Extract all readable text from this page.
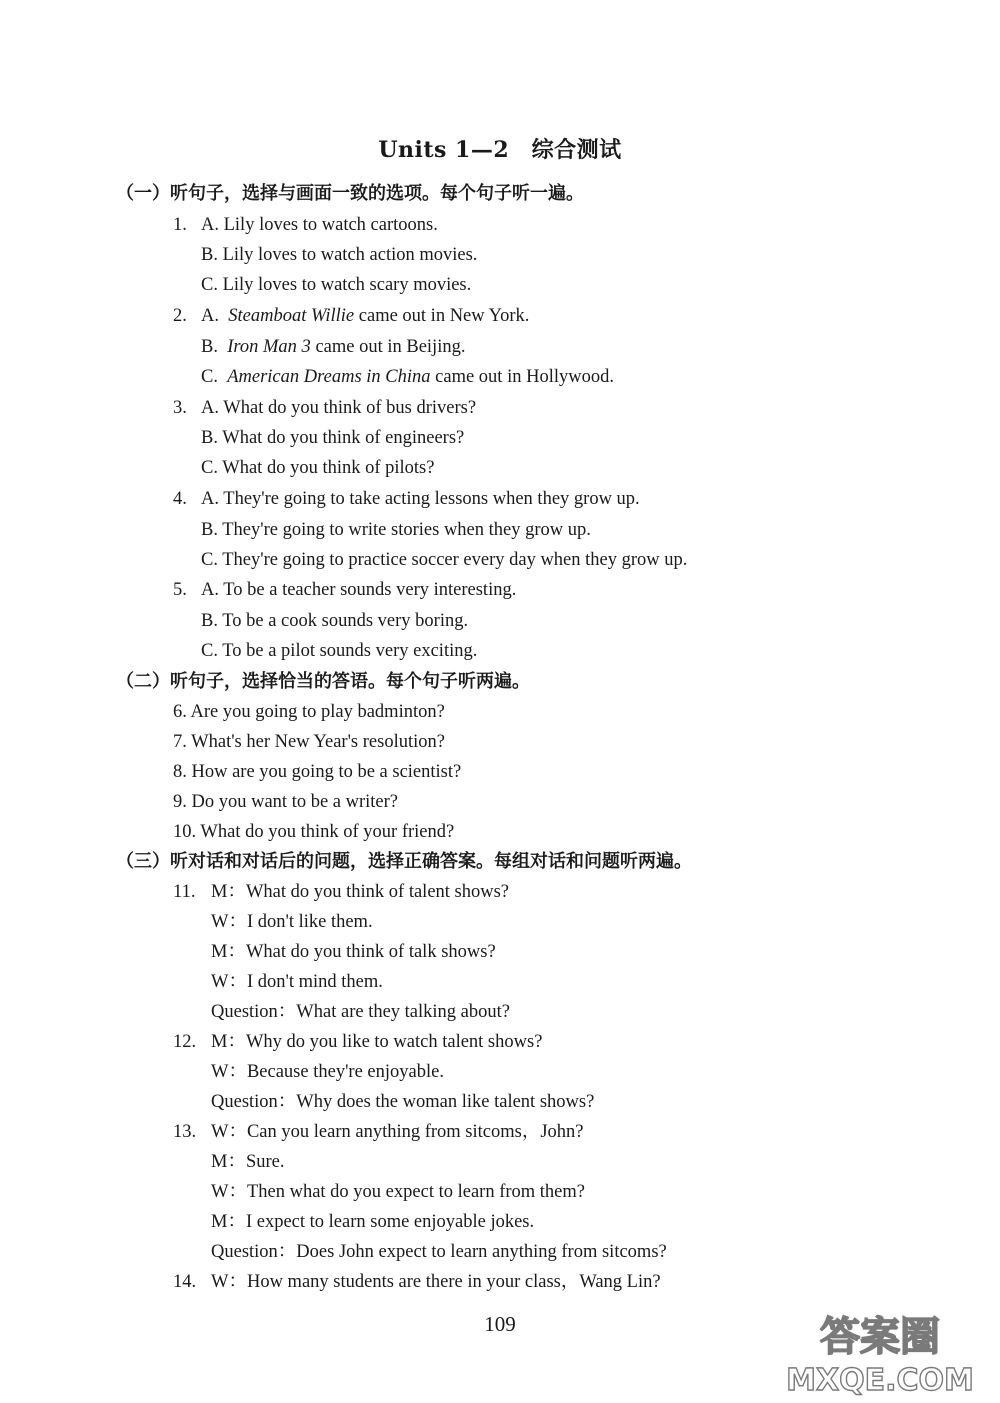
Units 1—2　综合测试
（一）听句子，选择与画面一致的选项。每个句子听一遍。
1. A. Lily loves to watch cartoons.
B. Lily loves to watch action movies.
C. Lily loves to watch scary movies.
2. A. Steamboat Willie came out in New York.
B. Iron Man 3 came out in Beijing.
C. American Dreams in China came out in Hollywood.
3. A. What do you think of bus drivers?
B. What do you think of engineers?
C. What do you think of pilots?
4. A. They're going to take acting lessons when they grow up.
B. They're going to write stories when they grow up.
C. They're going to practice soccer every day when they grow up.
5. A. To be a teacher sounds very interesting.
B. To be a cook sounds very boring.
C. To be a pilot sounds very exciting.
（二）听句子，选择恰当的答语。每个句子听两遍。
6. Are you going to play badminton?
7. What's her New Year's resolution?
8. How are you going to be a scientist?
9. Do you want to be a writer?
10. What do you think of your friend?
（三）听对话和对话后的问题，选择正确答案。每组对话和问题听两遍。
11. M：What do you think of talent shows?
W：I don't like them.
M：What do you think of talk shows?
W：I don't mind them.
Question：What are they talking about?
12. M：Why do you like to watch talent shows?
W：Because they're enjoyable.
Question：Why does the woman like talent shows?
13. W：Can you learn anything from sitcoms，John?
M：Sure.
W：Then what do you expect to learn from them?
M：I expect to learn some enjoyable jokes.
Question：Does John expect to learn anything from sitcoms?
14. W：How many students are there in your class，Wang Lin?
109	答案圈
MXQE.COM
